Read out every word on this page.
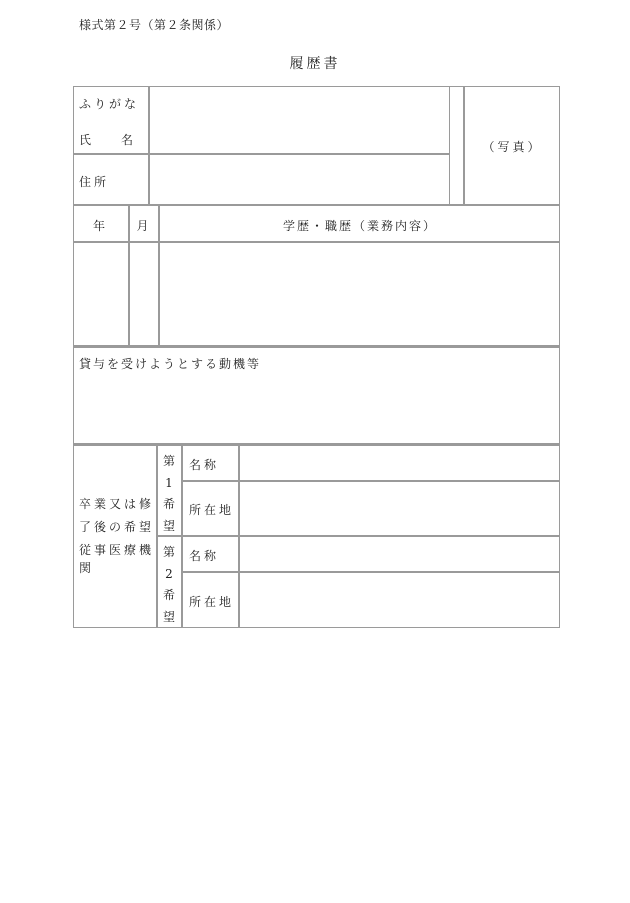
様式第２号（第２条関係）
履歴書
ふりがな
氏 名
住所
（写真）
年	月	学歴・職歴（業務内容）
貸与を受けようとする動機等
卒業又は修
了後の希望
従事医療機
関
第
1
希
望
第
2
希
望
名称
所在地
名称
所在地
